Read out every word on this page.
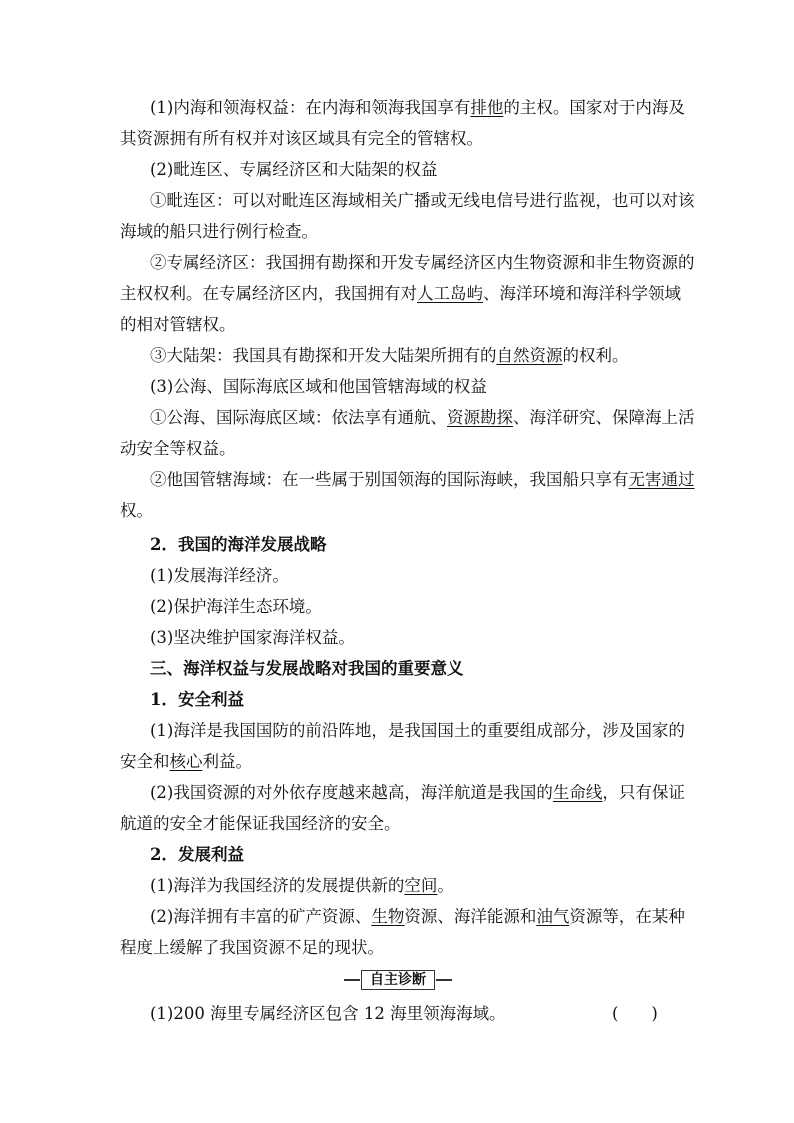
(1)内海和领海权益：在内海和领海我国享有排他的主权。国家对于内海及
其资源拥有所有权并对该区域具有完全的管辖权。
(2)毗连区、专属经济区和大陆架的权益
①毗连区：可以对毗连区海域相关广播或无线电信号进行监视，也可以对该
海域的船只进行例行检查。
②专属经济区：我国拥有勘探和开发专属经济区内生物资源和非生物资源的
主权权利。在专属经济区内，我国拥有对人工岛屿、海洋环境和海洋科学领域
的相对管辖权。
③大陆架：我国具有勘探和开发大陆架所拥有的自然资源的权利。
(3)公海、国际海底区域和他国管辖海域的权益
①公海、国际海底区域：依法享有通航、资源勘探、海洋研究、保障海上活
动安全等权益。
②他国管辖海域：在一些属于别国领海的国际海峡，我国船只享有无害通过
权。
2．我国的海洋发展战略
(1)发展海洋经济。
(2)保护海洋生态环境。
(3)坚决维护国家海洋权益。
三、海洋权益与发展战略对我国的重要意义
1．安全利益
(1)海洋是我国国防的前沿阵地，是我国国土的重要组成部分，涉及国家的
安全和核心利益。
(2)我国资源的对外依存度越来越高，海洋航道是我国的生命线，只有保证
航道的安全才能保证我国经济的安全。
2．发展利益
(1)海洋为我国经济的发展提供新的空间。
(2)海洋拥有丰富的矿产资源、生物资源、海洋能源和油气资源等，在某种
程度上缓解了我国资源不足的现状。
(1)200 海里专属经济区包含 12 海里领海海域。
自主诊断
(　　)
